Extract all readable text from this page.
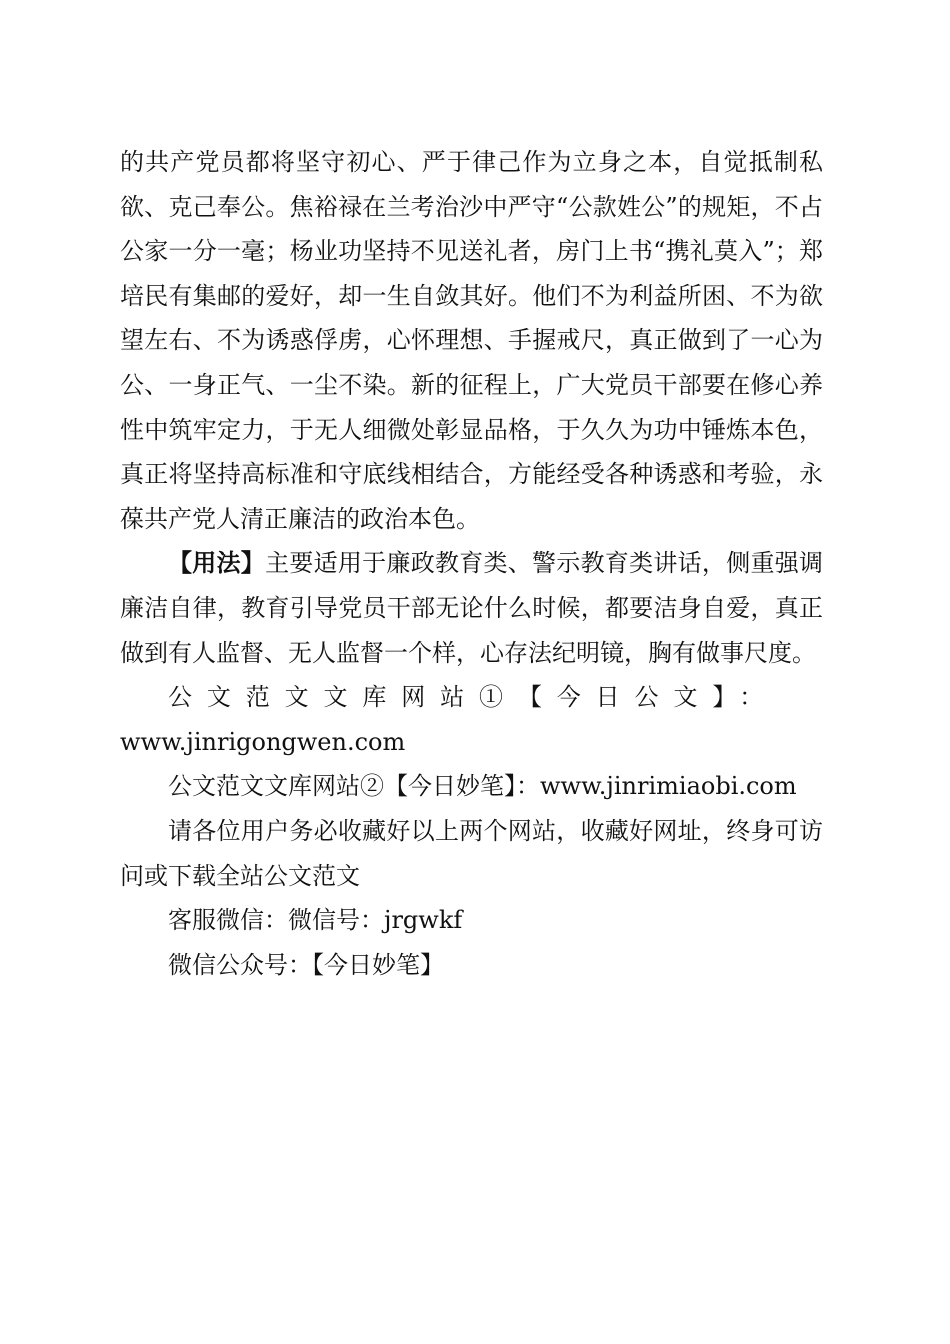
的共产党员都将坚守初心、严于律己作为立身之本，自觉抵制私欲、克己奉公。焦裕禄在兰考治沙中严守“公款姓公”的规矩，不占公家一分一毫；杨业功坚持不见送礼者，房门上书“携礼莫入”；郑培民有集邮的爱好，却一生自敛其好。他们不为利益所困、不为欲望左右、不为诱惑俘虏，心怀理想、手握戒尺，真正做到了一心为公、一身正气、一尘不染。新的征程上，广大党员干部要在修心养性中筑牢定力，于无人细微处彰显品格，于久久为功中锤炼本色，真正将坚持高标准和守底线相结合，方能经受各种诱惑和考验，永葆共产党人清正廉洁的政治本色。

【用法】主要适用于廉政教育类、警示教育类讲话，侧重强调廉洁自律，教育引导党员干部无论什么时候，都要洁身自爱，真正做到有人监督、无人监督一个样，心存法纪明镜，胸有做事尺度。

公文范文文库网站①【今日公文】：
www.jinrigongwen.com

公文范文文库网站②【今日妙笔】：www.jinrimiaobi.com

请各位用户务必收藏好以上两个网站，收藏好网址，终身可访问或下载全站公文范文

客服微信：微信号：jrgwkf

微信公众号：【今日妙笔】
